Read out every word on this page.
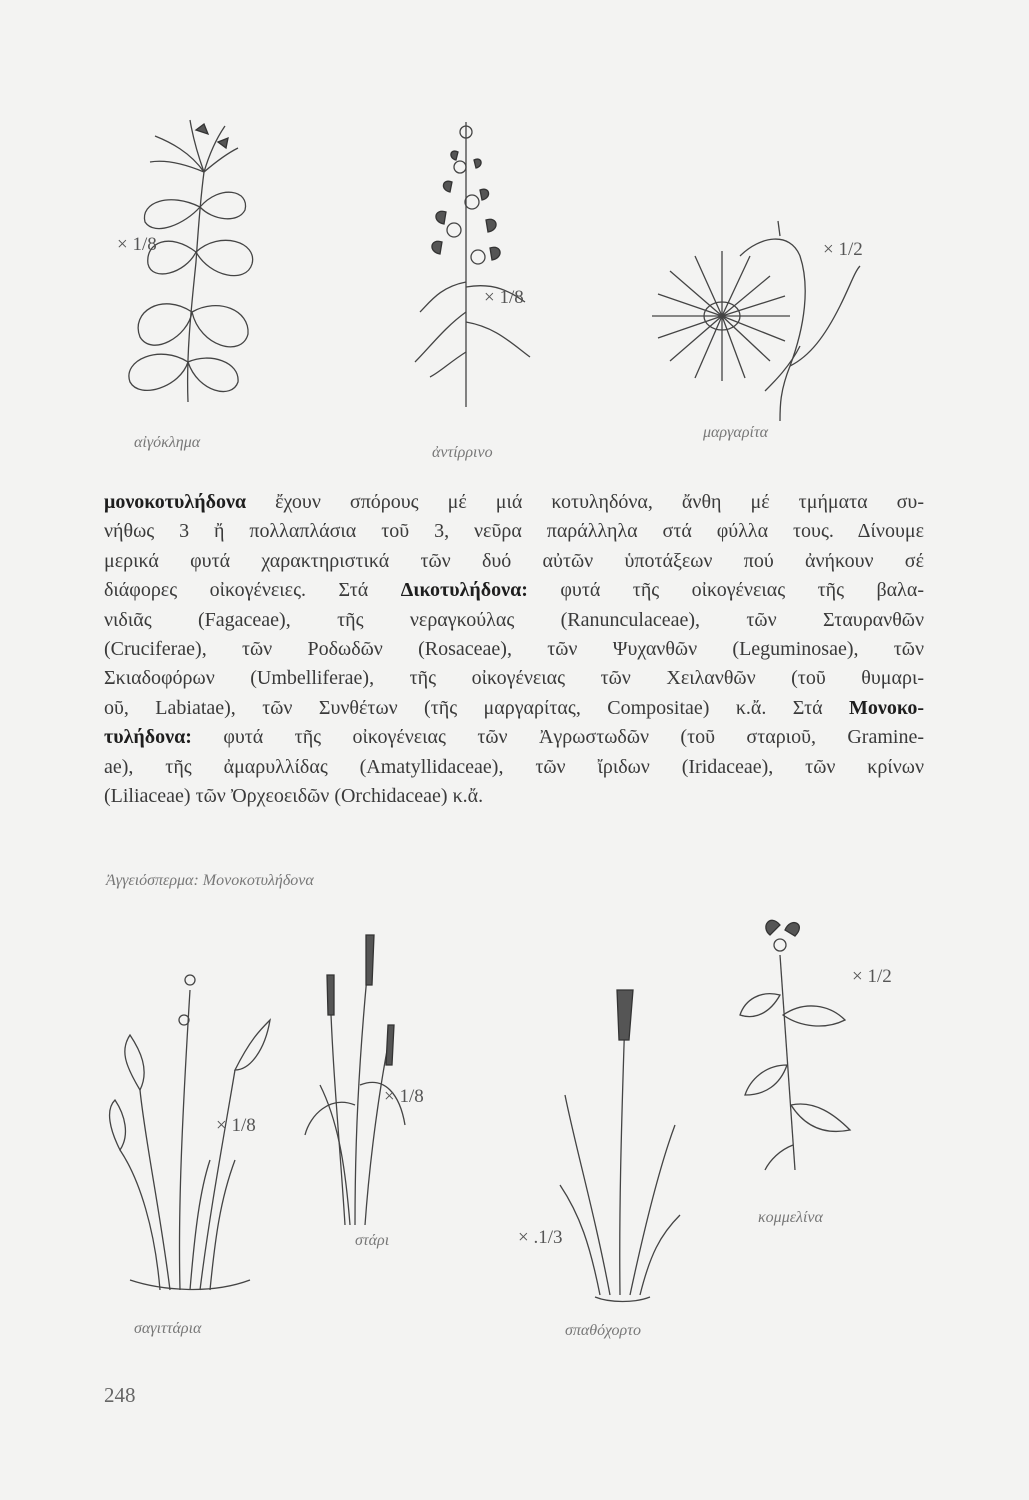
× 1/8
αἰγόκλημα
× 1/8
ἀντίρρινο
× 1/2
μαργαρίτα

μονοκοτυλήδονα ἔχουν σπόρους μέ μιά κοτυληδόνα, ἄνθη μέ τμήματα συ-

νήθως 3 ἤ πολλαπλάσια τοῦ 3, νεῦρα παράλληλα στά φύλλα τους. Δίνουμε

μερικά φυτά χαρακτηριστικά τῶν δυό αὐτῶν ὑποτάξεων πού ἀνήκουν σέ

διάφορες οἰκογένειες. Στά Δικοτυλήδονα: φυτά τῆς οἰκογένειας τῆς βαλα-

νιδιᾶς (Fagaceae), τῆς νεραγκούλας (Ranunculaceae), τῶν Σταυρανθῶν

(Cruciferae), τῶν Ροδωδῶν (Rosaceae), τῶν Ψυχανθῶν (Leguminosae), τῶν

Σκιαδοφόρων (Umbelliferae), τῆς οἰκογένειας τῶν Χειλανθῶν (τοῦ θυμαρι-

οῦ, Labiatae), τῶν Συνθέτων (τῆς μαργαρίτας, Compositae) κ.ἄ. Στά Μονοκο-

τυλήδονα: φυτά τῆς οἰκογένειας τῶν Ἀγρωστωδῶν (τοῦ σταριοῦ, Gramine-

ae), τῆς ἀμαρυλλίδας (Amatyllidaceae), τῶν ἴριδων (Iridaceae), τῶν κρίνων

(Liliaceae) τῶν Ὀρχεοειδῶν (Orchidaceae) κ.ἄ.

Ἀγγειόσπερμα: Μονοκοτυλήδονα
× 1/8
σαγιττάρια
× 1/8
στάρι	× .1/3
σπαθόχορτο
× 1/2
κομμελίνα
248
